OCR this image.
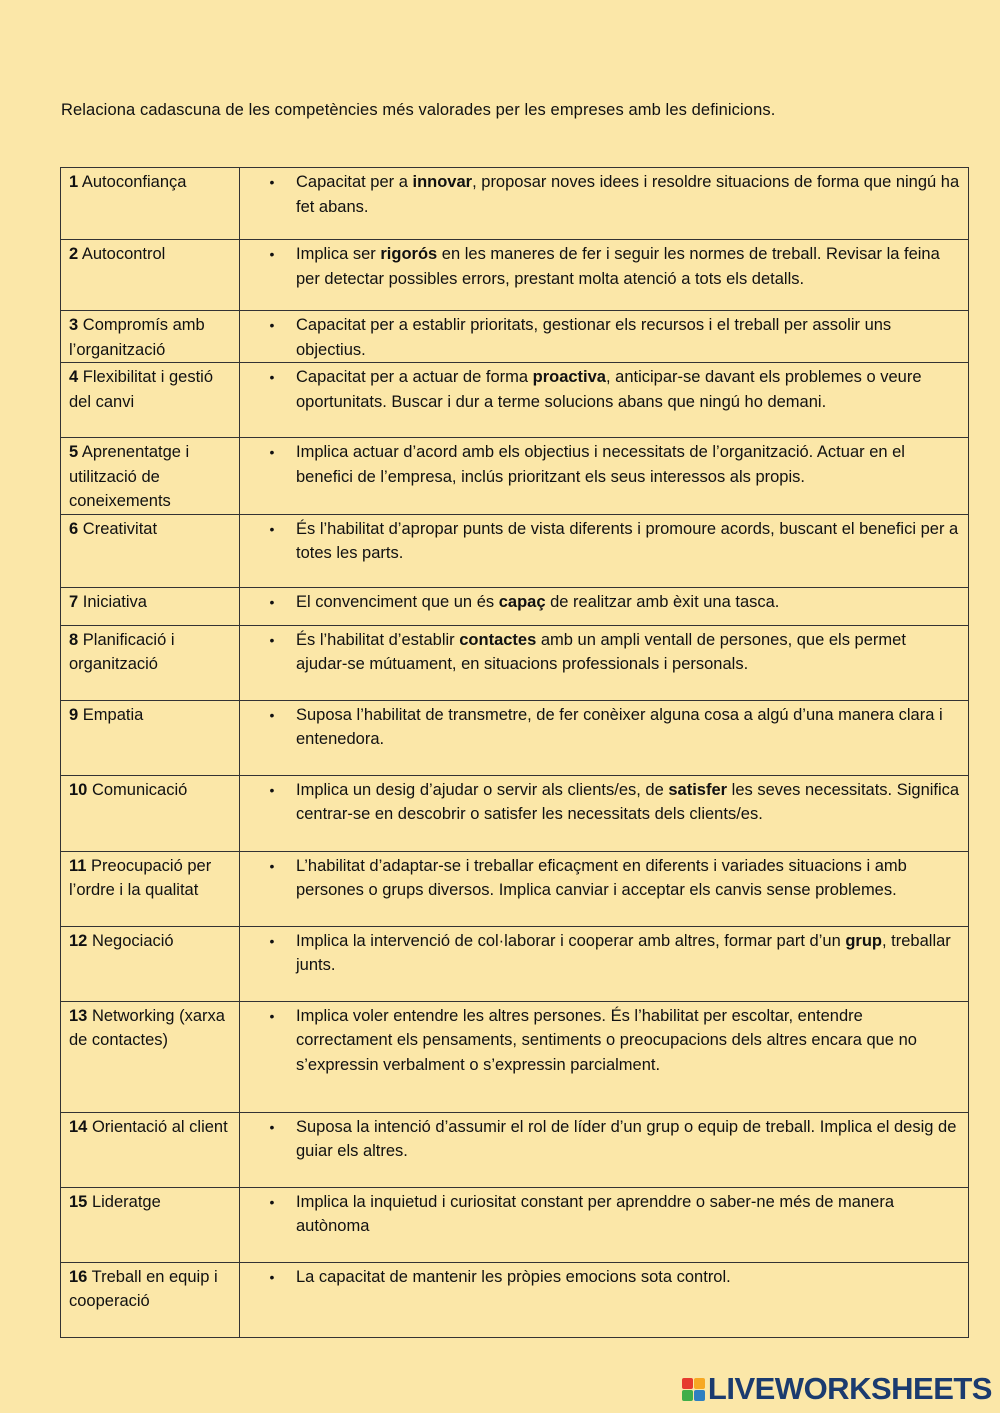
Relaciona cadascuna de les competències més valorades per les empreses amb les definicions.
1 Autoconfiança	• Capacitat per a innovar, proposar noves idees i resoldre situacions de forma que ningú ha fet abans.

2 Autocontrol	• Implica ser rigorós en les maneres de fer i seguir les normes de treball. Revisar la feina per detectar possibles errors, prestant molta atenció a tots els detalls.

3 Compromís amb l’organització	• Capacitat per a establir prioritats, gestionar els recursos i el treball per assolir uns objectius.

4 Flexibilitat i gestió del canvi	• Capacitat per a actuar de forma proactiva, anticipar-se davant els problemes o veure oportunitats. Buscar i dur a terme solucions abans que ningú ho demani.

5 Aprenentatge i utilització de coneixements	• Implica actuar d’acord amb els objectius i necessitats de l’organització. Actuar en el benefici de l’empresa, inclús prioritzant els seus interessos als propis.

6 Creativitat	• És l’habilitat d’apropar punts de vista diferents i promoure acords, buscant el benefici per a totes les parts.

7 Iniciativa	• El convenciment que un és capaç de realitzar amb èxit una tasca.

8 Planificació i organització	• És l’habilitat d’establir contactes amb un ampli ventall de persones, que els permet ajudar-se mútuament, en situacions professionals i personals.

9 Empatia	• Suposa l’habilitat de transmetre, de fer conèixer alguna cosa a algú d’una manera clara i entenedora.

10 Comunicació	• Implica un desig d’ajudar o servir als clients/es, de satisfer les seves necessitats. Significa centrar-se en descobrir o satisfer les necessitats dels clients/es.

11 Preocupació per l’ordre i la qualitat	• L’habilitat d’adaptar-se i treballar eficaçment en diferents i variades situacions i amb persones o grups diversos. Implica canviar i acceptar els canvis sense problemes.

12 Negociació	• Implica la intervenció de col·laborar i cooperar amb altres, formar part d’un grup, treballar junts.

13 Networking (xarxa de contactes)	• Implica voler entendre les altres persones. És l’habilitat per escoltar, entendre correctament els pensaments, sentiments o preocupacions dels altres encara que no s’expressin verbalment o s’expressin parcialment.

14 Orientació al client	• Suposa la intenció d’assumir el rol de líder d’un grup o equip de treball. Implica el desig de guiar els altres.

15 Lideratge	• Implica la inquietud i curiositat constant per aprenddre o saber-ne més de manera autònoma

16 Treball en equip i cooperació	• La capacitat de mantenir les pròpies emocions sota control.
LIVEWORKSHEETS
